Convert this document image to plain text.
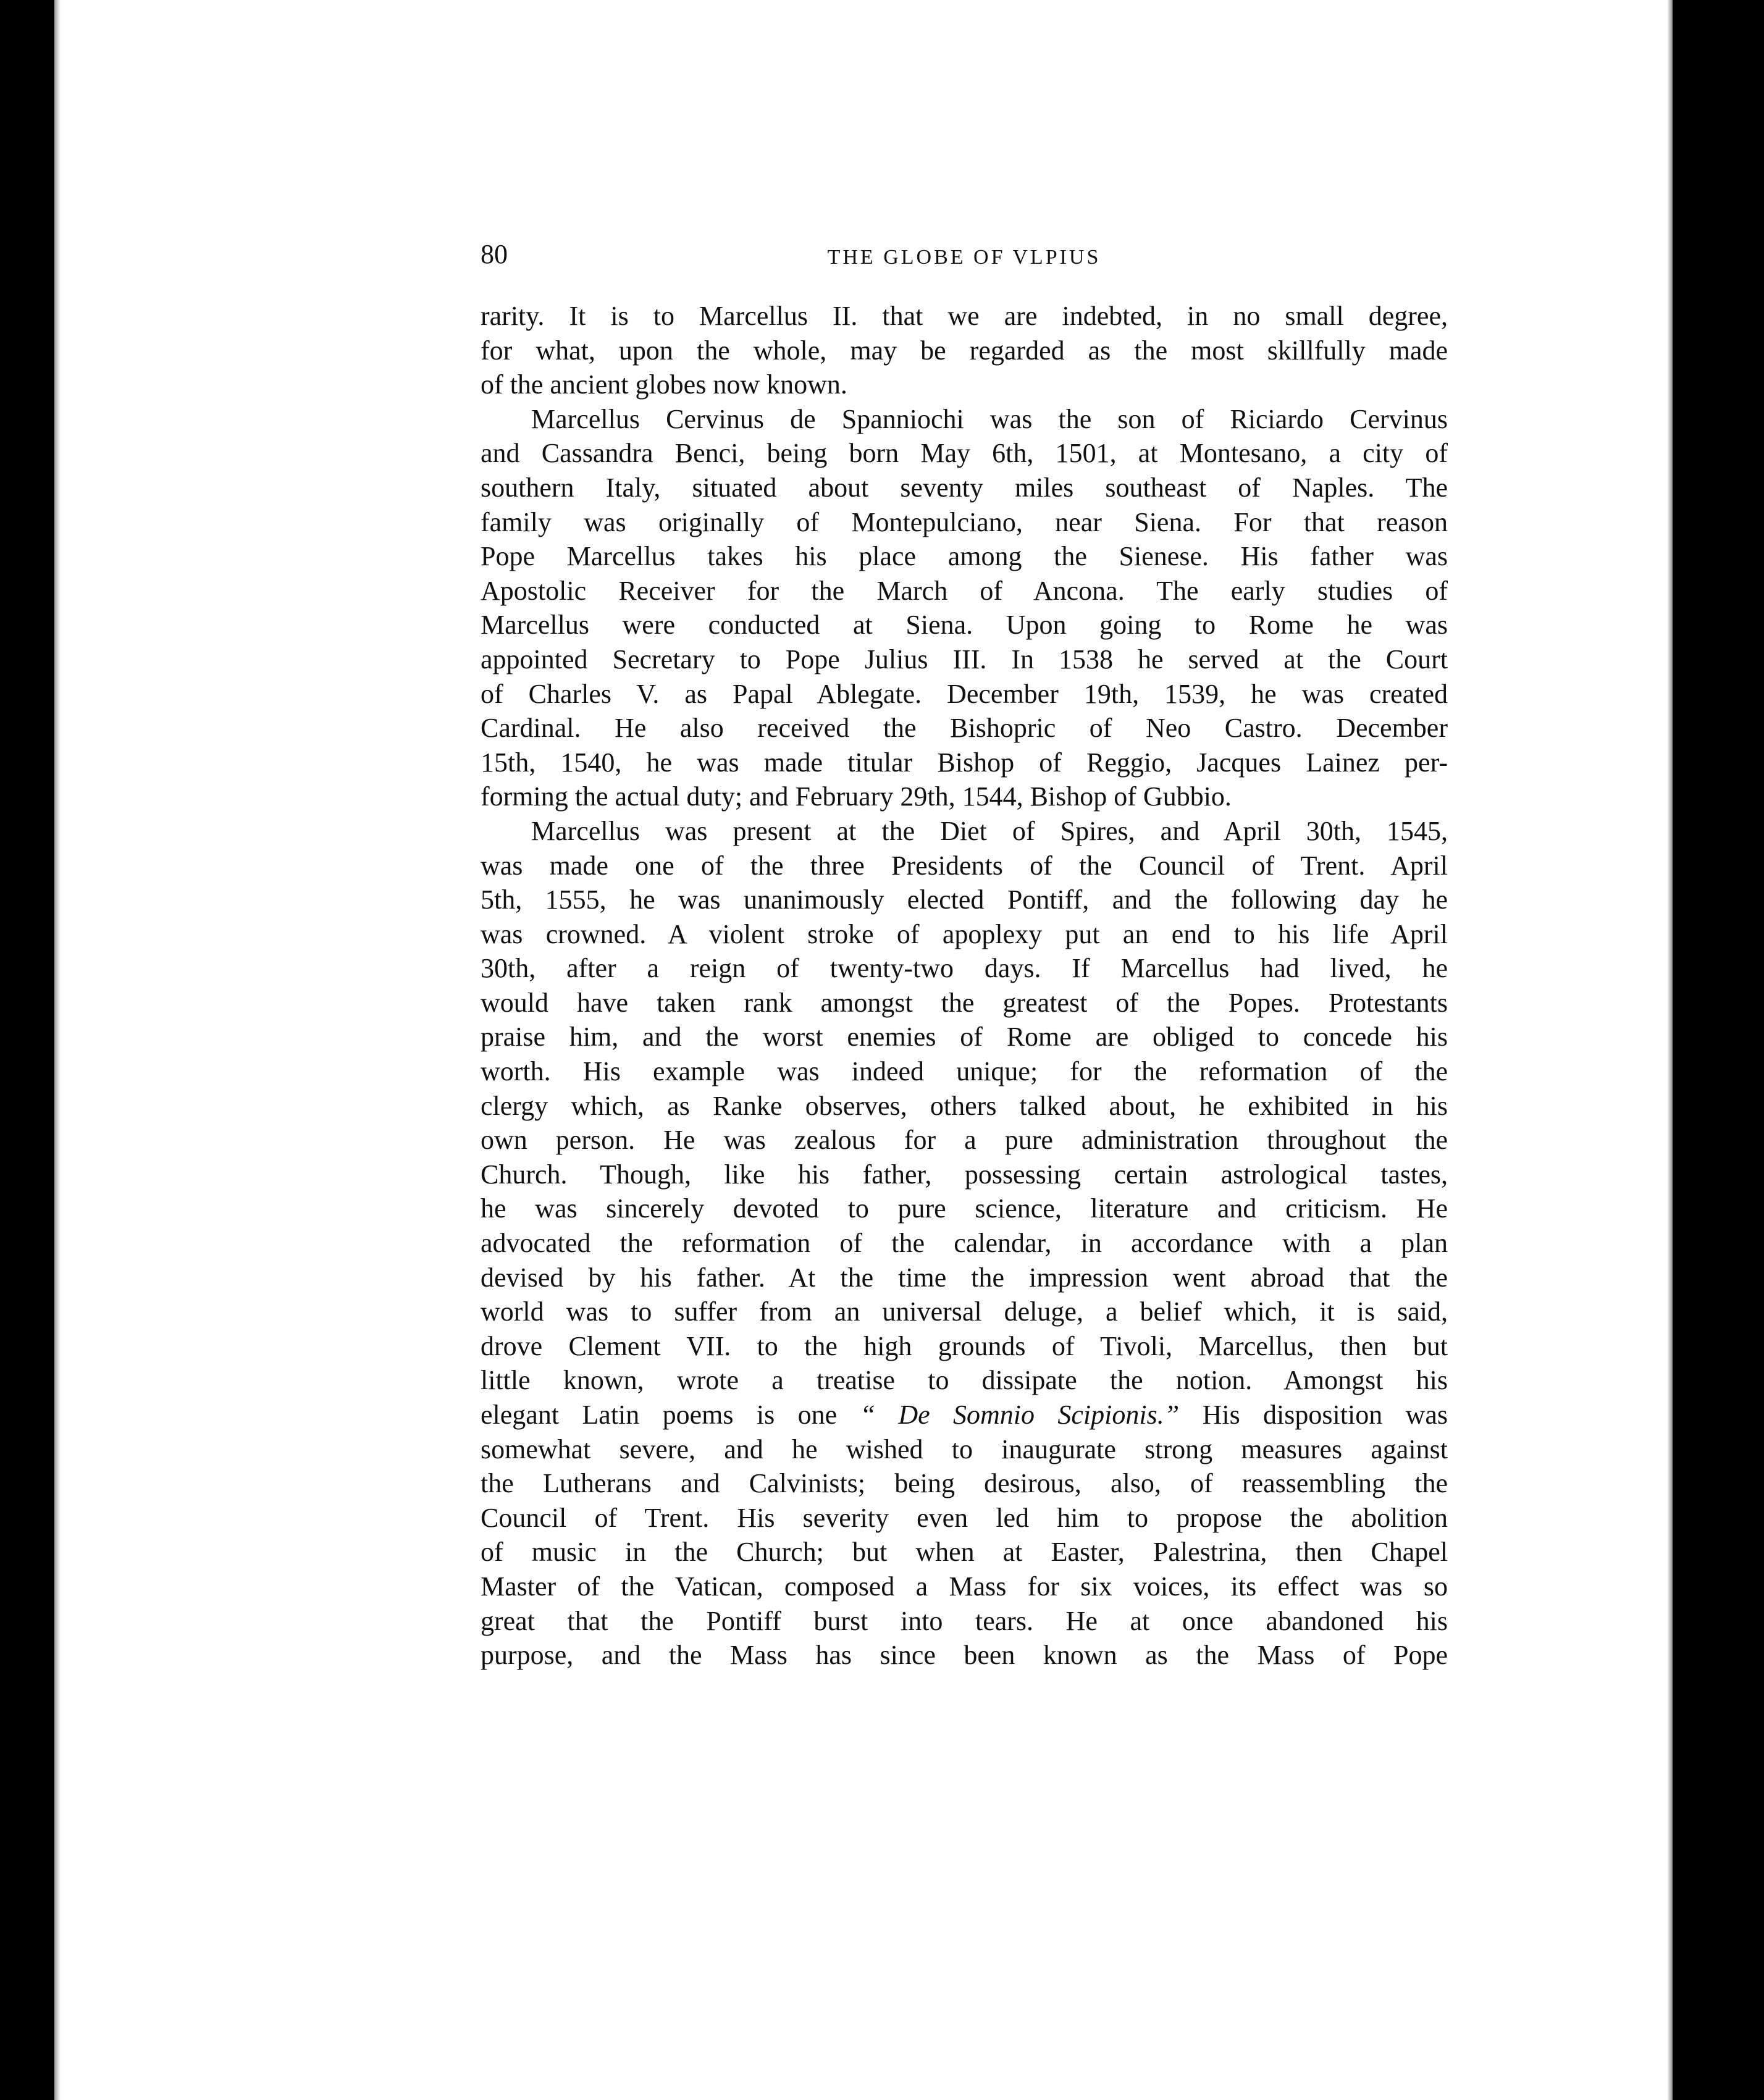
80	THE GLOBE OF VLPIUS
rarity. It is to Marcellus II. that we are indebted, in no small degree,
for what, upon the whole, may be regarded as the most skillfully made
of the ancient globes now known.
Marcellus Cervinus de Spanniochi was the son of Riciardo Cervinus
and Cassandra Benci, being born May 6th, 1501, at Montesano, a city of
southern Italy, situated about seventy miles southeast of Naples. The
family was originally of Montepulciano, near Siena. For that reason
Pope Marcellus takes his place among the Sienese. His father was
Apostolic Receiver for the March of Ancona. The early studies of
Marcellus were conducted at Siena. Upon going to Rome he was
appointed Secretary to Pope Julius III. In 1538 he served at the Court
of Charles V. as Papal Ablegate. December 19th, 1539, he was created
Cardinal. He also received the Bishopric of Neo Castro. December
15th, 1540, he was made titular Bishop of Reggio, Jacques Lainez per-
forming the actual duty; and February 29th, 1544, Bishop of Gubbio.
Marcellus was present at the Diet of Spires, and April 30th, 1545,
was made one of the three Presidents of the Council of Trent. April
5th, 1555, he was unanimously elected Pontiff, and the following day he
was crowned. A violent stroke of apoplexy put an end to his life April
30th, after a reign of twenty-two days. If Marcellus had lived, he
would have taken rank amongst the greatest of the Popes. Protestants
praise him, and the worst enemies of Rome are obliged to concede his
worth. His example was indeed unique; for the reformation of the
clergy which, as Ranke observes, others talked about, he exhibited in his
own person. He was zealous for a pure administration throughout the
Church. Though, like his father, possessing certain astrological tastes,
he was sincerely devoted to pure science, literature and criticism. He
advocated the reformation of the calendar, in accordance with a plan
devised by his father. At the time the impression went abroad that the
world was to suffer from an universal deluge, a belief which, it is said,
drove Clement VII. to the high grounds of Tivoli, Marcellus, then but
little known, wrote a treatise to dissipate the notion. Amongst his
elegant Latin poems is one “ De Somnio Scipionis.” His disposition was
somewhat severe, and he wished to inaugurate strong measures against
the Lutherans and Calvinists; being desirous, also, of reassembling the
Council of Trent. His severity even led him to propose the abolition
of music in the Church; but when at Easter, Palestrina, then Chapel
Master of the Vatican, composed a Mass for six voices, its effect was so
great that the Pontiff burst into tears. He at once abandoned his
purpose, and the Mass has since been known as the Mass of Pope
